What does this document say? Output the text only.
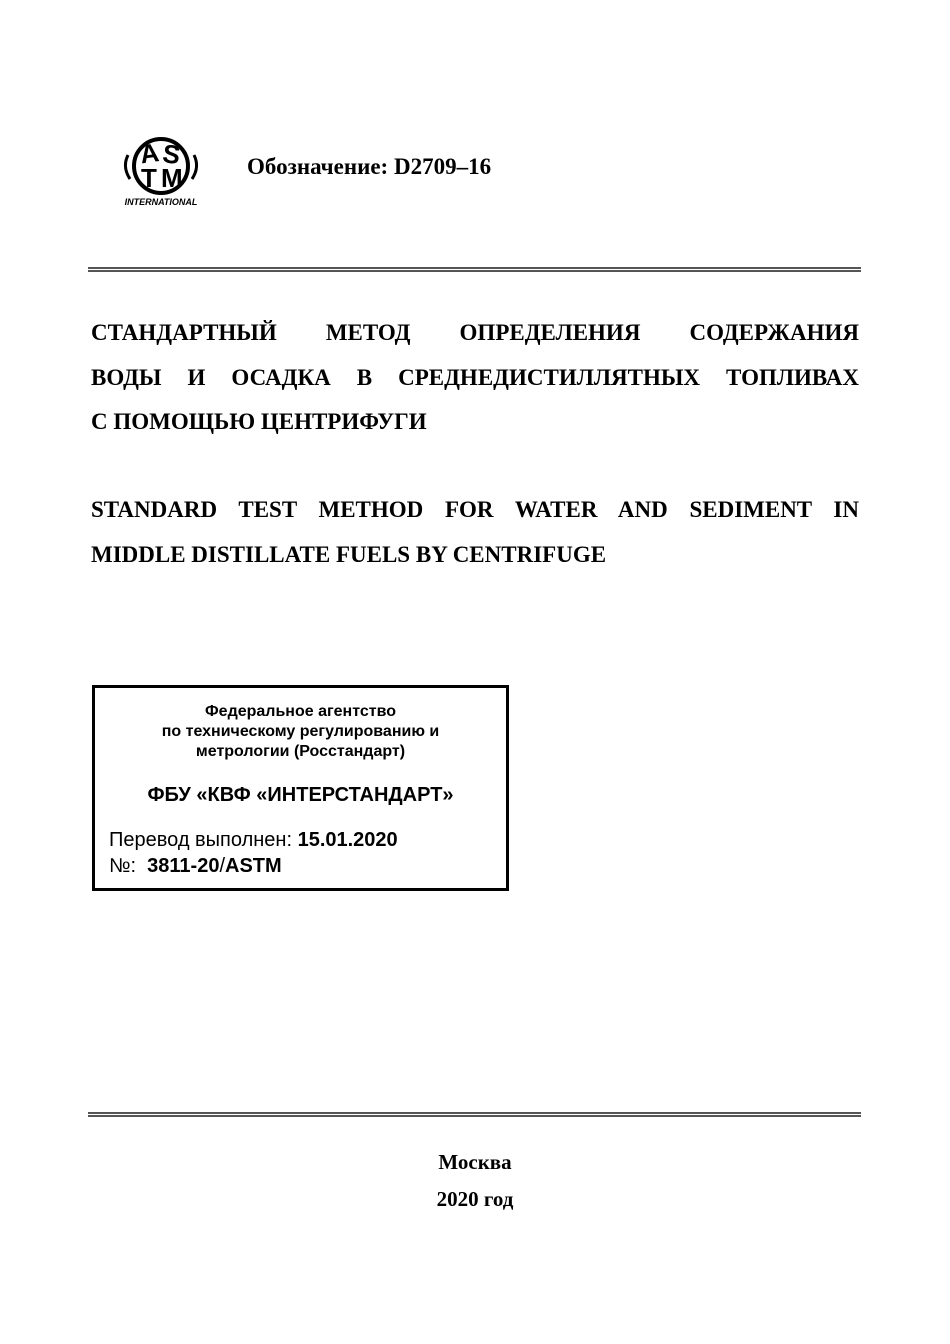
A S
T M
INTERNATIONAL
Обозначение: D2709–16
СТАНДАРТНЫЙ МЕТОД ОПРЕДЕЛЕНИЯ СОДЕРЖАНИЯ
ВОДЫ И ОСАДКА В СРЕДНЕДИСТИЛЛЯТНЫХ ТОПЛИВАХ
С ПОМОЩЬЮ ЦЕНТРИФУГИ
STANDARD TEST METHOD FOR WATER AND SEDIMENT IN
MIDDLE DISTILLATE FUELS BY CENTRIFUGE
Федеральное агентство
по техническому регулированию и
метрологии (Росстандарт)
ФБУ «КВФ «ИНТЕРСТАНДАРТ»
Перевод выполнен: 15.01.2020
№: 3811-20/ASTM
Москва
2020 год
